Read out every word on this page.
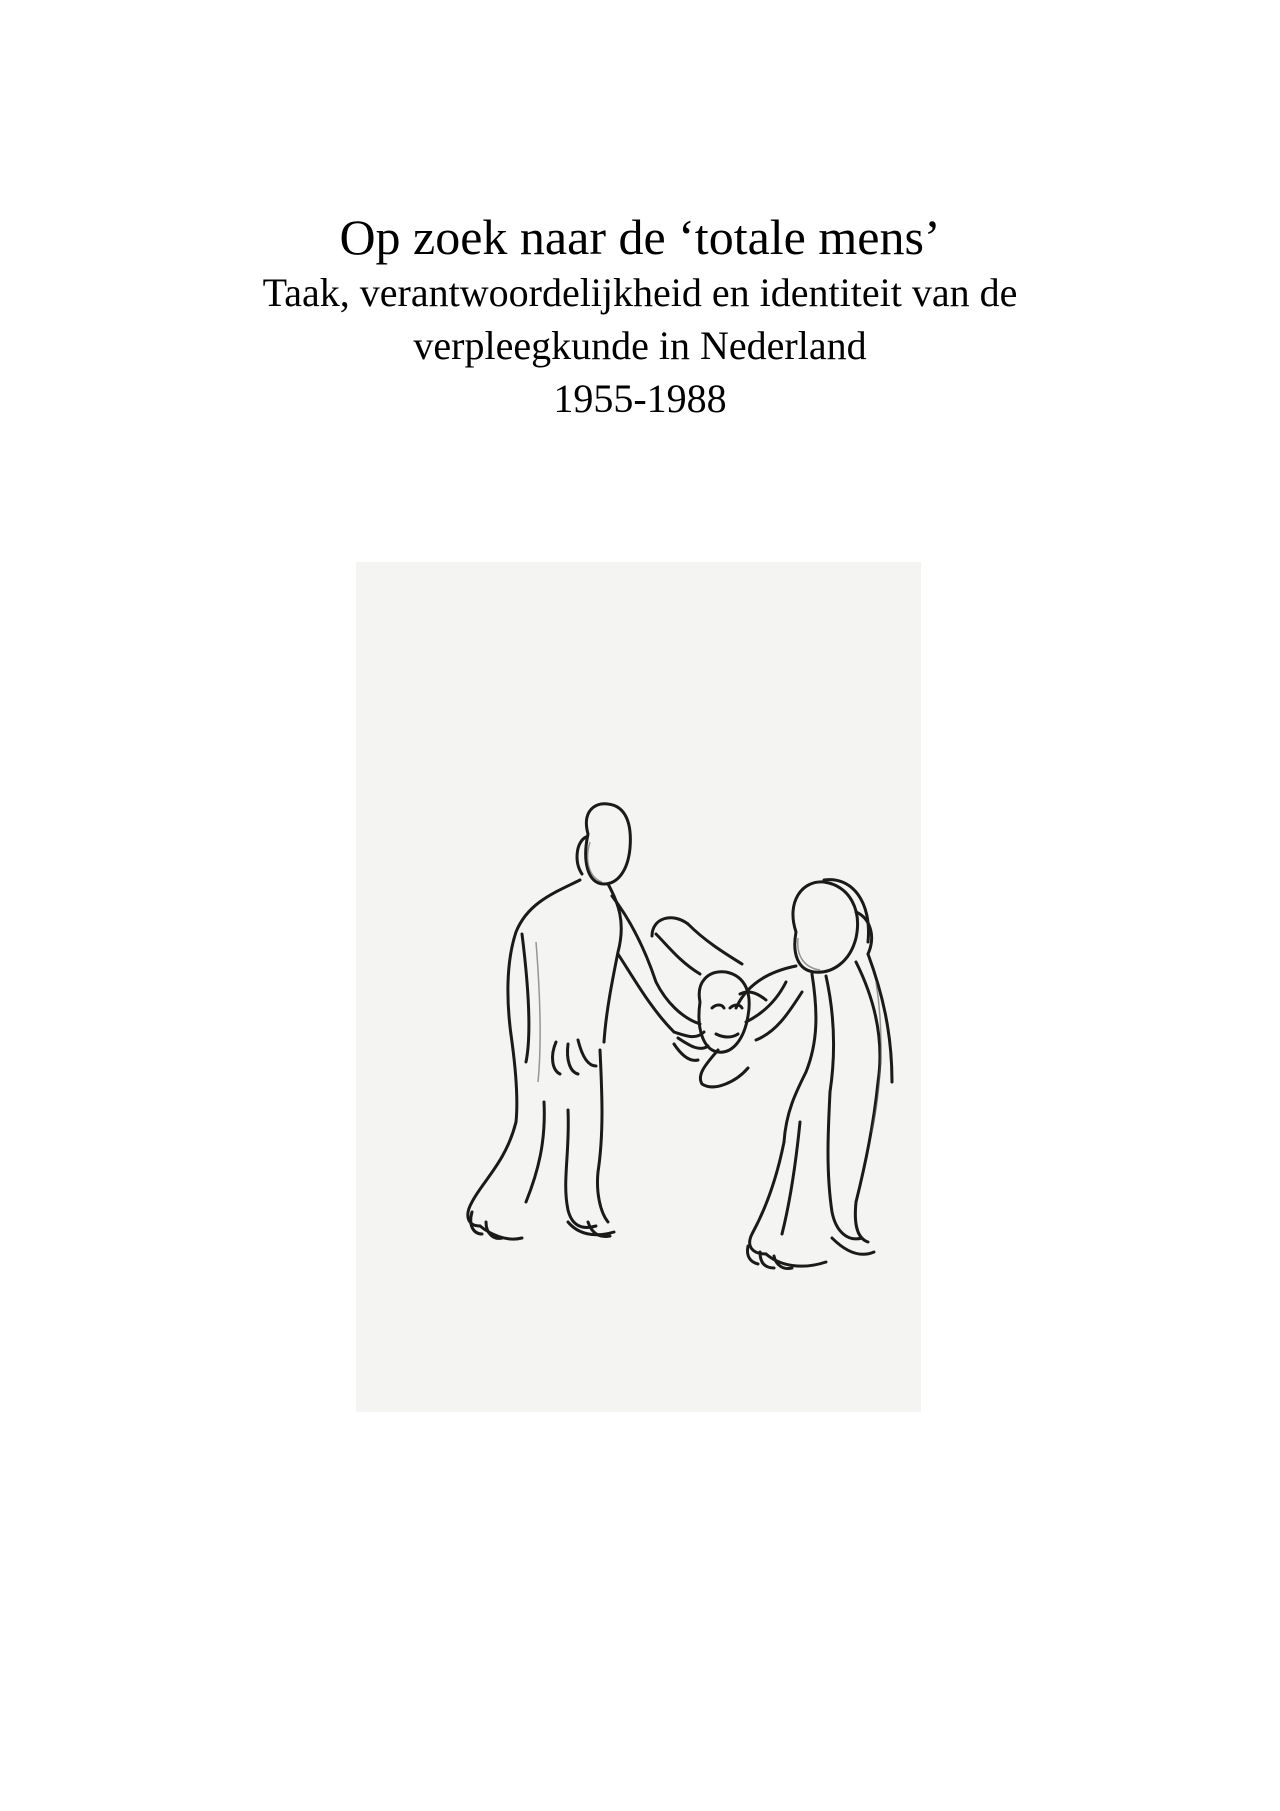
Op zoek naar de ‘totale mens’
Taak, verantwoordelijkheid en identiteit van de
verpleegkunde in Nederland
1955-1988
